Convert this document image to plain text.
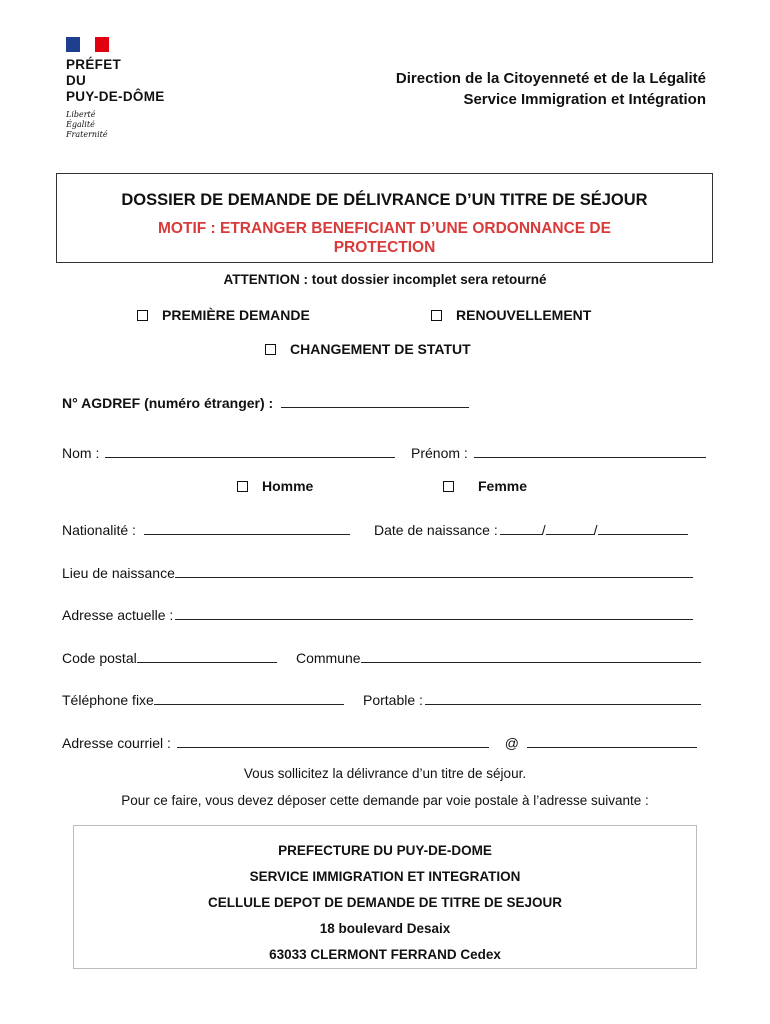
PRÉFET
DU
PUY-DE-DÔME
Liberté
Égalité
Fraternité
Direction de la Citoyenneté et de la Légalité
Service Immigration et Intégration
DOSSIER DE DEMANDE DE DÉLIVRANCE D’UN TITRE DE SÉJOUR
MOTIF : ETRANGER BENEFICIANT D’UNE ORDONNANCE DE PROTECTION
ATTENTION : tout dossier incomplet sera retourné
PREMIÈRE DEMANDE	RENOUVELLEMENT
CHANGEMENT DE STATUT
N° AGDREF (numéro étranger) :
Nom :	Prénom :
Homme	Femme
Nationalité :	Date de naissance :	/	/
Lieu de naissance
Adresse actuelle :
Code postal	Commune
Téléphone fixe	Portable :
Adresse courriel :	@
Vous sollicitez la délivrance d’un titre de séjour.
Pour ce faire, vous devez déposer cette demande par voie postale à l’adresse suivante :
PREFECTURE DU PUY-DE-DOME
SERVICE IMMIGRATION ET INTEGRATION
CELLULE DEPOT DE DEMANDE DE TITRE DE SEJOUR
18 boulevard Desaix
63033 CLERMONT FERRAND Cedex
